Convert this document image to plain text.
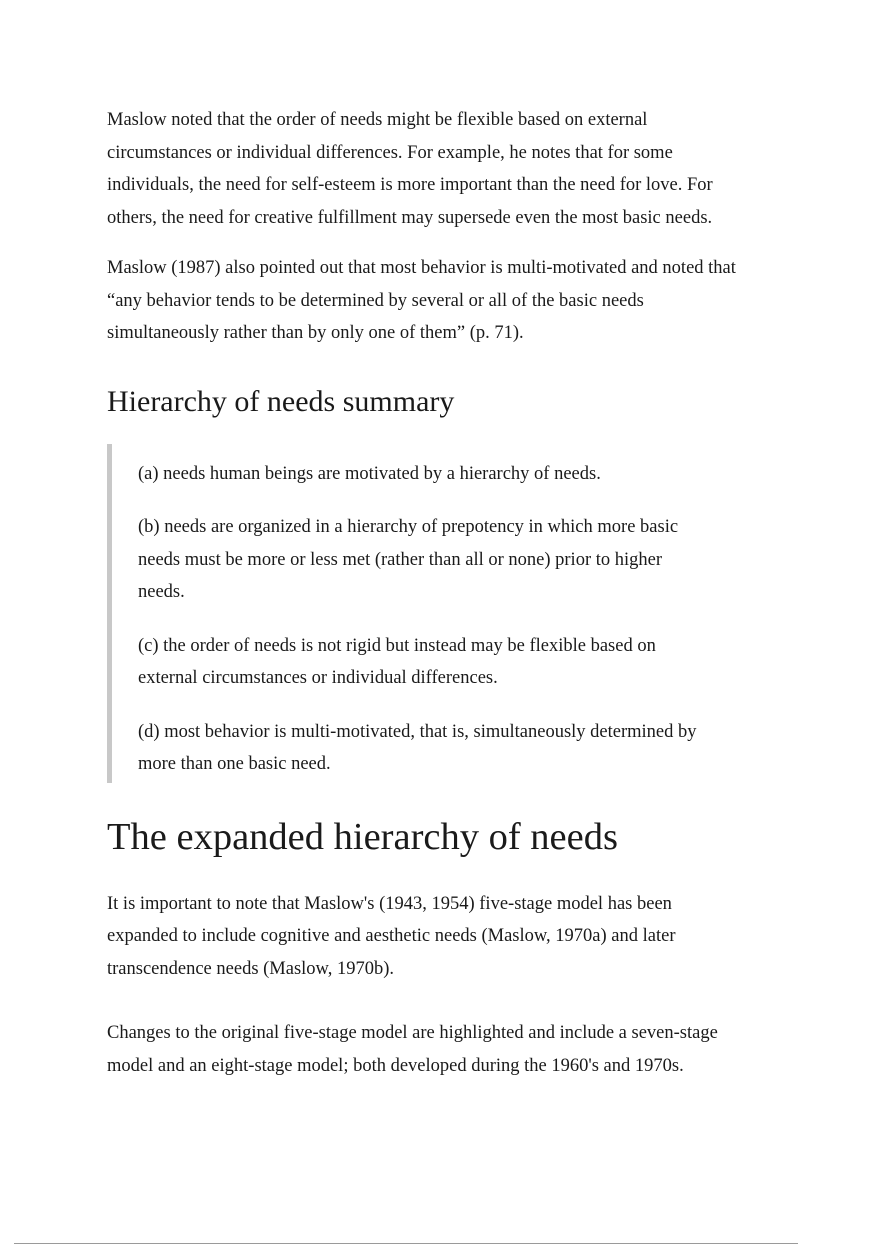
Maslow noted that the order of needs might be flexible based on external circumstances or individual differences. For example, he notes that for some individuals, the need for self-esteem is more important than the need for love. For others, the need for creative fulfillment may supersede even the most basic needs.

Maslow (1987) also pointed out that most behavior is multi-motivated and noted that “any behavior tends to be determined by several or all of the basic needs simultaneously rather than by only one of them” (p. 71).

Hierarchy of needs summary

(a) needs human beings are motivated by a hierarchy of needs.

(b) needs are organized in a hierarchy of prepotency in which more basic needs must be more or less met (rather than all or none) prior to higher needs.

(c) the order of needs is not rigid but instead may be flexible based on external circumstances or individual differences.

(d) most behavior is multi-motivated, that is, simultaneously determined by more than one basic need.

The expanded hierarchy of needs

It is important to note that Maslow's (1943, 1954) five-stage model has been expanded to include cognitive and aesthetic needs (Maslow, 1970a) and later transcendence needs (Maslow, 1970b).

Changes to the original five-stage model are highlighted and include a seven-stage model and an eight-stage model; both developed during the 1960's and 1970s.
